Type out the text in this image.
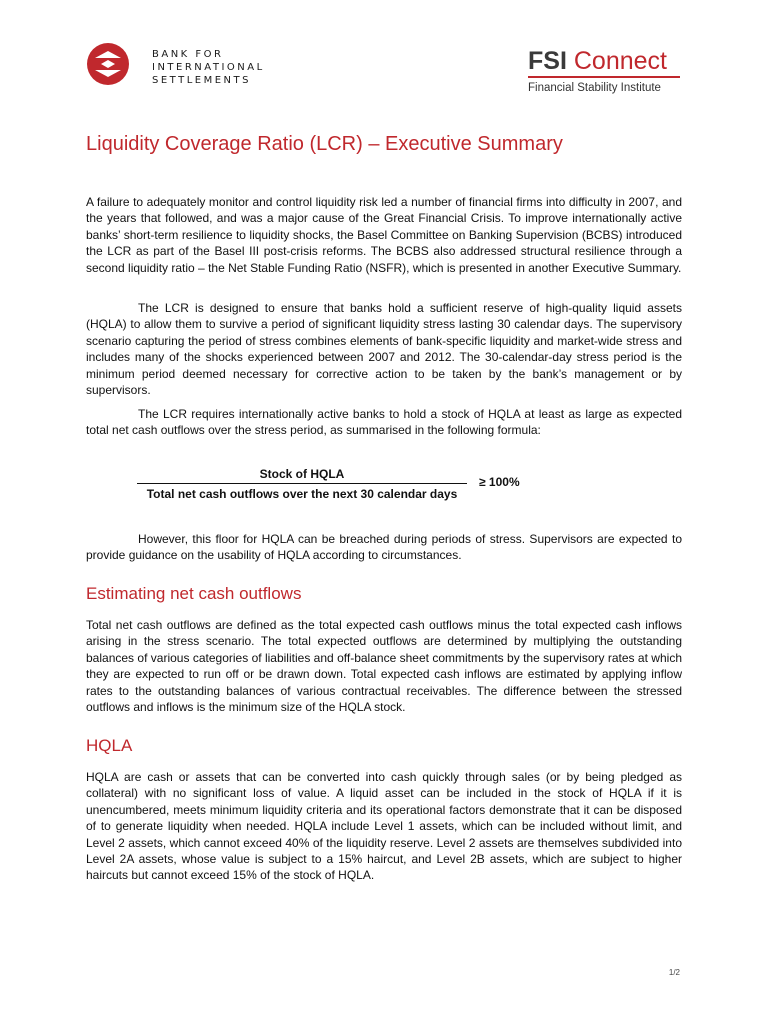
BANK FOR
INTERNATIONAL
SETTLEMENTS
FSI Connect
Financial Stability Institute
Liquidity Coverage Ratio (LCR) – Executive Summary

A failure to adequately monitor and control liquidity risk led a number of financial firms into difficulty in 2007, and the years that followed, and was a major cause of the Great Financial Crisis. To improve internationally active banks’ short-term resilience to liquidity shocks, the Basel Committee on Banking Supervision (BCBS) introduced the LCR as part of the Basel III post-crisis reforms. The BCBS also addressed structural resilience through a second liquidity ratio – the Net Stable Funding Ratio (NSFR), which is presented in another Executive Summary.

The LCR is designed to ensure that banks hold a sufficient reserve of high-quality liquid assets (HQLA) to allow them to survive a period of significant liquidity stress lasting 30 calendar days. The supervisory scenario capturing the period of stress combines elements of bank-specific liquidity and market-wide stress and includes many of the shocks experienced between 2007 and 2012. The 30-calendar-day stress period is the minimum period deemed necessary for corrective action to be taken by the bank’s management or by supervisors.

The LCR requires internationally active banks to hold a stock of HQLA at least as large as expected total net cash outflows over the stress period, as summarised in the following formula:

Stock of HQLA
Total net cash outflows over the next 30 calendar days
≥ 100%

However, this floor for HQLA can be breached during periods of stress. Supervisors are expected to provide guidance on the usability of HQLA according to circumstances.

Estimating net cash outflows

Total net cash outflows are defined as the total expected cash outflows minus the total expected cash inflows arising in the stress scenario. The total expected outflows are determined by multiplying the outstanding balances of various categories of liabilities and off-balance sheet commitments by the supervisory rates at which they are expected to run off or be drawn down. Total expected cash inflows are estimated by applying inflow rates to the outstanding balances of various contractual receivables. The difference between the stressed outflows and inflows is the minimum size of the HQLA stock.

HQLA

HQLA are cash or assets that can be converted into cash quickly through sales (or by being pledged as collateral) with no significant loss of value. A liquid asset can be included in the stock of HQLA if it is unencumbered, meets minimum liquidity criteria and its operational factors demonstrate that it can be disposed of to generate liquidity when needed. HQLA include Level 1 assets, which can be included without limit, and Level 2 assets, which cannot exceed 40% of the liquidity reserve. Level 2 assets are themselves subdivided into Level 2A assets, whose value is subject to a 15% haircut, and Level 2B assets, which are subject to higher haircuts but cannot exceed 15% of the stock of HQLA.

1/2
